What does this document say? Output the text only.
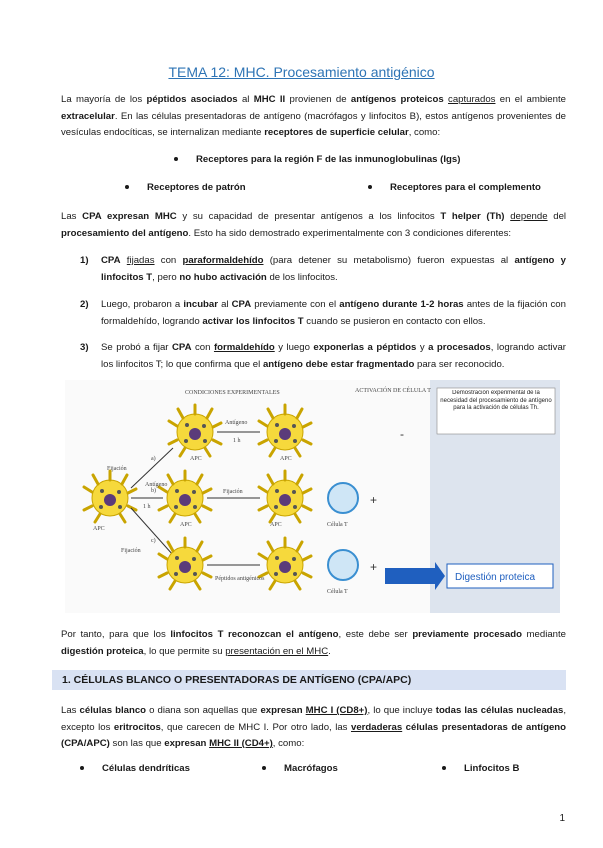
TEMA 12: MHC. Procesamiento antigénico
La mayoría de los péptidos asociados al MHC II provienen de antígenos proteicos capturados en el ambiente extracelular. En las células presentadoras de antígeno (macrófagos y linfocitos B), estos antígenos provenientes de vesículas endocíticas, se internalizan mediante receptores de superficie celular, como:
Receptores para la región F de las inmunoglobulinas (Igs)
Receptores de patrón	Receptores para el complemento
Las CPA expresan MHC y su capacidad de presentar antígenos a los linfocitos T helper (Th) depende del procesamiento del antígeno. Esto ha sido demostrado experimentalmente con 3 condiciones diferentes:
1) CPA fijadas con paraformaldehído (para detener su metabolismo) fueron expuestas al antígeno y linfocitos T, pero no hubo activación de los linfocitos.
2) Luego, probaron a incubar al CPA previamente con el antígeno durante 1-2 horas antes de la fijación con formaldehído, logrando activar los linfocitos T cuando se pusieron en contacto con ellos.
3) Se probó a fijar CPA con formaldehído y luego exponerlas a péptidos y a procesados, logrando activar los linfocitos T; lo que confirma que el antígeno debe estar fragmentado para ser reconocido.
CONDICIONES EXPERIMENTALES	ACTIVACIÓN DE CÉLULA T
Antígeno
1 h
APC	APC
-
Fijación
a)
b)
Antígeno
1 h
Fijación
APC
APC	APC	Célula T
+
Fijación
c)
Péptidos antigénicos
Célula T
+
Demostración experimental de la necesidad del procesamiento de antígeno para la activación de células Th.
Digestión proteica
Por tanto, para que los linfocitos T reconozcan el antígeno, este debe ser previamente procesado mediante digestión proteica, lo que permite su presentación en el MHC.
1. CÉLULAS BLANCO O PRESENTADORAS DE ANTÍGENO (CPA/APC)
Las células blanco o diana son aquellas que expresan MHC I (CD8+), lo que incluye todas las células nucleadas, excepto los eritrocitos, que carecen de MHC I. Por otro lado, las verdaderas células presentadoras de antígeno (CPA/APC) son las que expresan MHC II (CD4+), como:
Células dendríticas	Macrófagos	Linfocitos B
1
